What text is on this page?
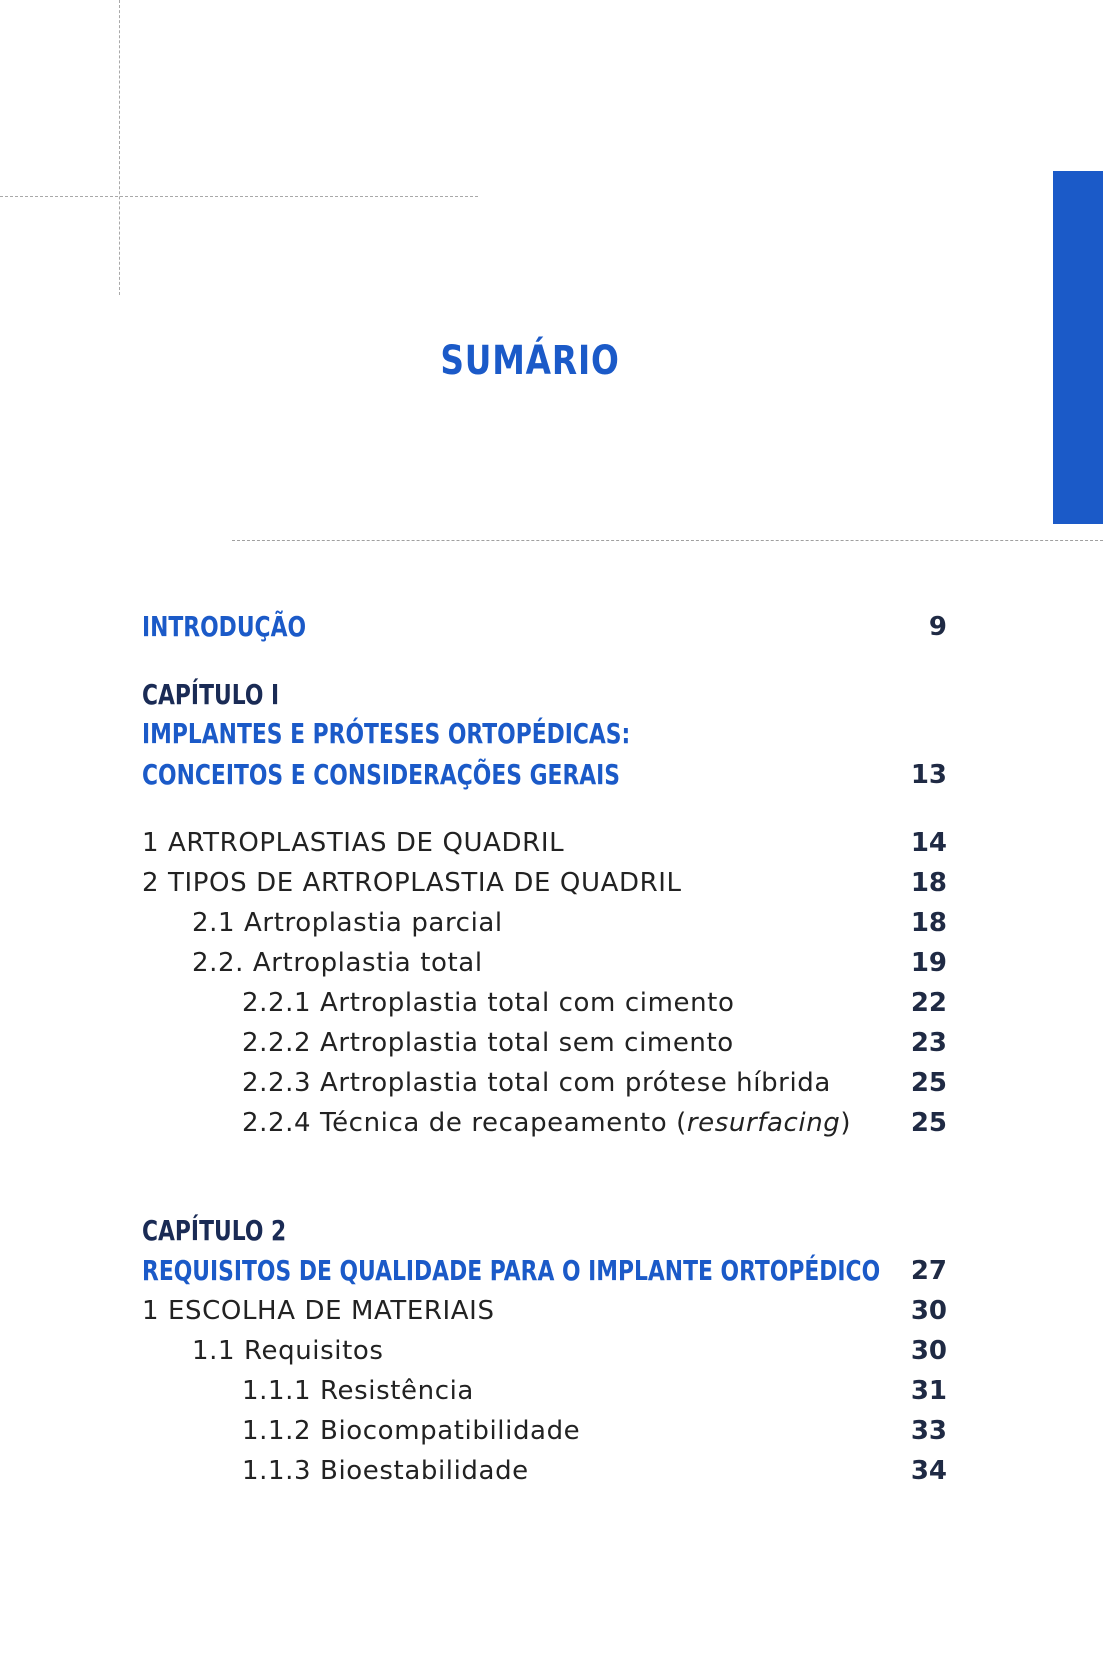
SUMÁRIO
INTRODUÇÃO	9
CAPÍTULO I
IMPLANTES E PRÓTESES ORTOPÉDICAS:
CONCEITOS E CONSIDERAÇÕES GERAIS	13
1 ARTROPLASTIAS DE QUADRIL	14
2 TIPOS DE ARTROPLASTIA DE QUADRIL	18
2.1 Artroplastia parcial	18
2.2. Artroplastia total	19
2.2.1 Artroplastia total com cimento	22
2.2.2 Artroplastia total sem cimento	23
2.2.3 Artroplastia total com prótese híbrida	25
2.2.4 Técnica de recapeamento (resurfacing) 25
CAPÍTULO 2
REQUISITOS DE QUALIDADE PARA O IMPLANTE ORTOPÉDICO 27
1 ESCOLHA DE MATERIAIS	30
1.1 Requisitos	30
1.1.1 Resistência	31
1.1.2 Biocompatibilidade	33
1.1.3 Bioestabilidade	34
